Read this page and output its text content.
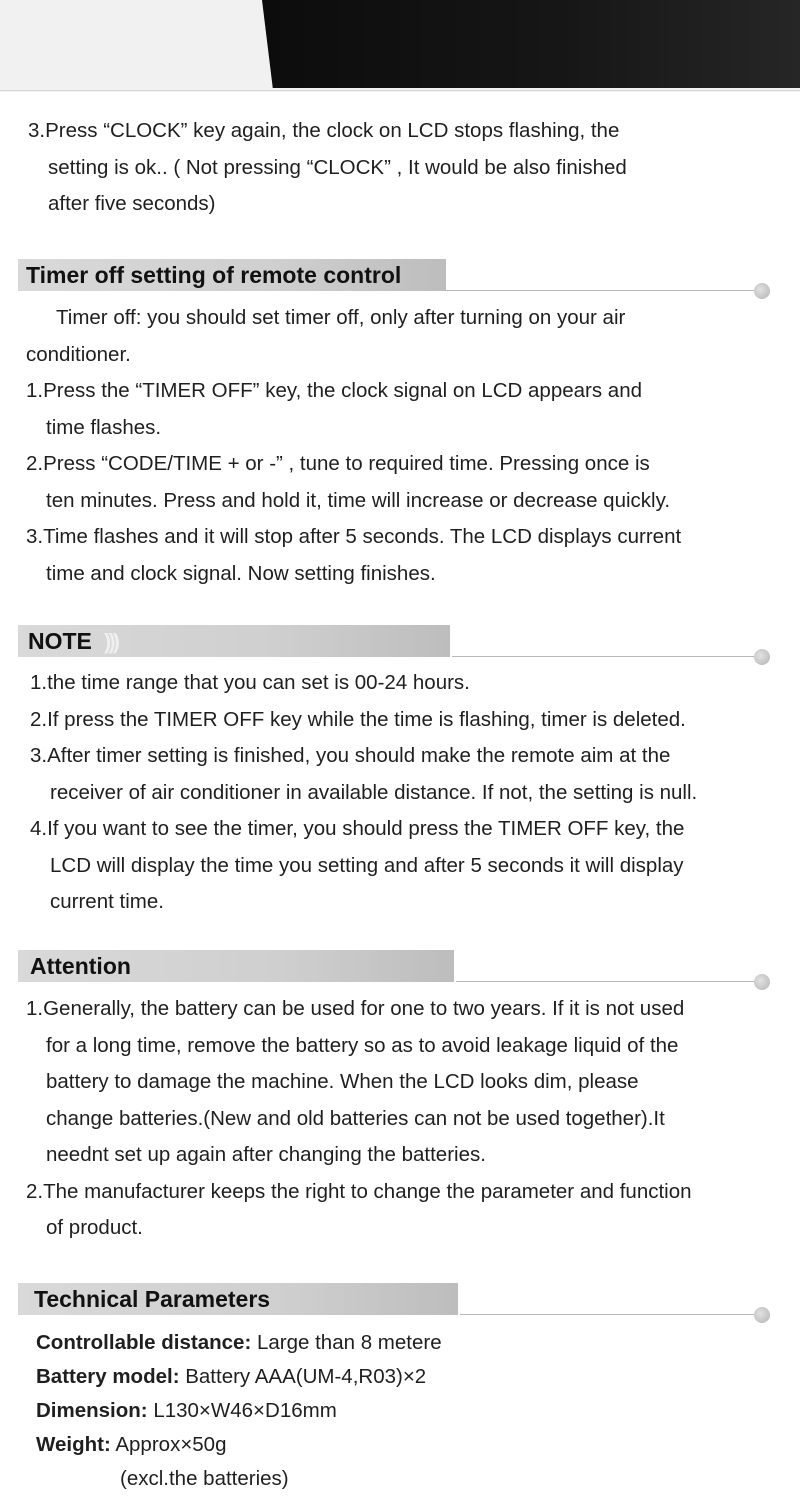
3.Press “CLOCK” key again, the clock on LCD stops flashing, the
setting is ok.. ( Not pressing “CLOCK” , It would be also finished
after five seconds)
Timer off setting of remote control
Timer off: you should set timer off, only after turning on your air
conditioner.
1.Press the “TIMER OFF” key, the clock signal on LCD appears and
time flashes.
2.Press “CODE/TIME + or -” , tune to required time. Pressing once is
ten minutes. Press and hold it, time will increase or decrease quickly.
3.Time flashes and it will stop after 5 seconds. The LCD displays current
time and clock signal. Now setting finishes.
NOTE )))
1.the time range that you can set is 00-24 hours.
2.If press the TIMER OFF key while the time is flashing, timer is deleted.
3.After timer setting is finished, you should make the remote aim at the
receiver of air conditioner in available distance. If not, the setting is null.
4.If you want to see the timer, you should press the TIMER OFF key, the
LCD will display the time you setting and after 5 seconds it will display
current time.
Attention
1.Generally, the battery can be used for one to two years. If it is not used
for a long time, remove the battery so as to avoid leakage liquid of the
battery to damage the machine. When the LCD looks dim, please
change batteries.(New and old batteries can not be used together).It
neednt set up again after changing the batteries.
2.The manufacturer keeps the right to change the parameter and function
of product.
Technical Parameters
Controllable distance: Large than 8 metere
Battery model: Battery AAA(UM-4,R03)×2
Dimension: L130×W46×D16mm
Weight: Approx×50g
(excl.the batteries)
